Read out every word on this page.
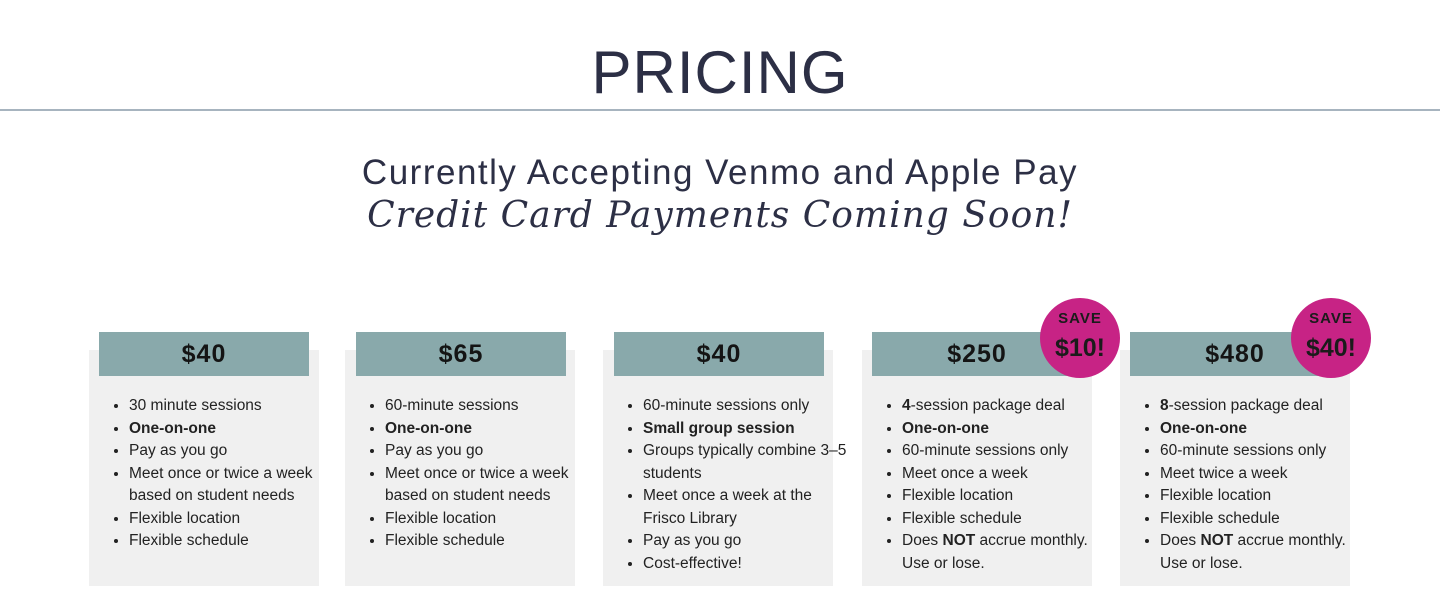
PRICING
Currently Accepting Venmo and Apple Pay
Credit Card Payments Coming Soon!
$40
• 30 minute sessions
• One-on-one
• Pay as you go
• Meet once or twice a week based on student needs
• Flexible location
• Flexible schedule
$65
• 60-minute sessions
• One-on-one
• Pay as you go
• Meet once or twice a week based on student needs
• Flexible location
• Flexible schedule
$40
• 60-minute sessions only
• Small group session
• Groups typically combine 3–5 students
• Meet once a week at the Frisco Library
• Pay as you go
• Cost-effective!
$250
• 4-session package deal
• One-on-one
• 60-minute sessions only
• Meet once a week
• Flexible location
• Flexible schedule
• Does NOT accrue monthly. Use or lose.
SAVE
$10!	$480
• 8-session package deal
• One-on-one
• 60-minute sessions only
• Meet twice a week
• Flexible location
• Flexible schedule
• Does NOT accrue monthly. Use or lose.
SAVE
$40!
